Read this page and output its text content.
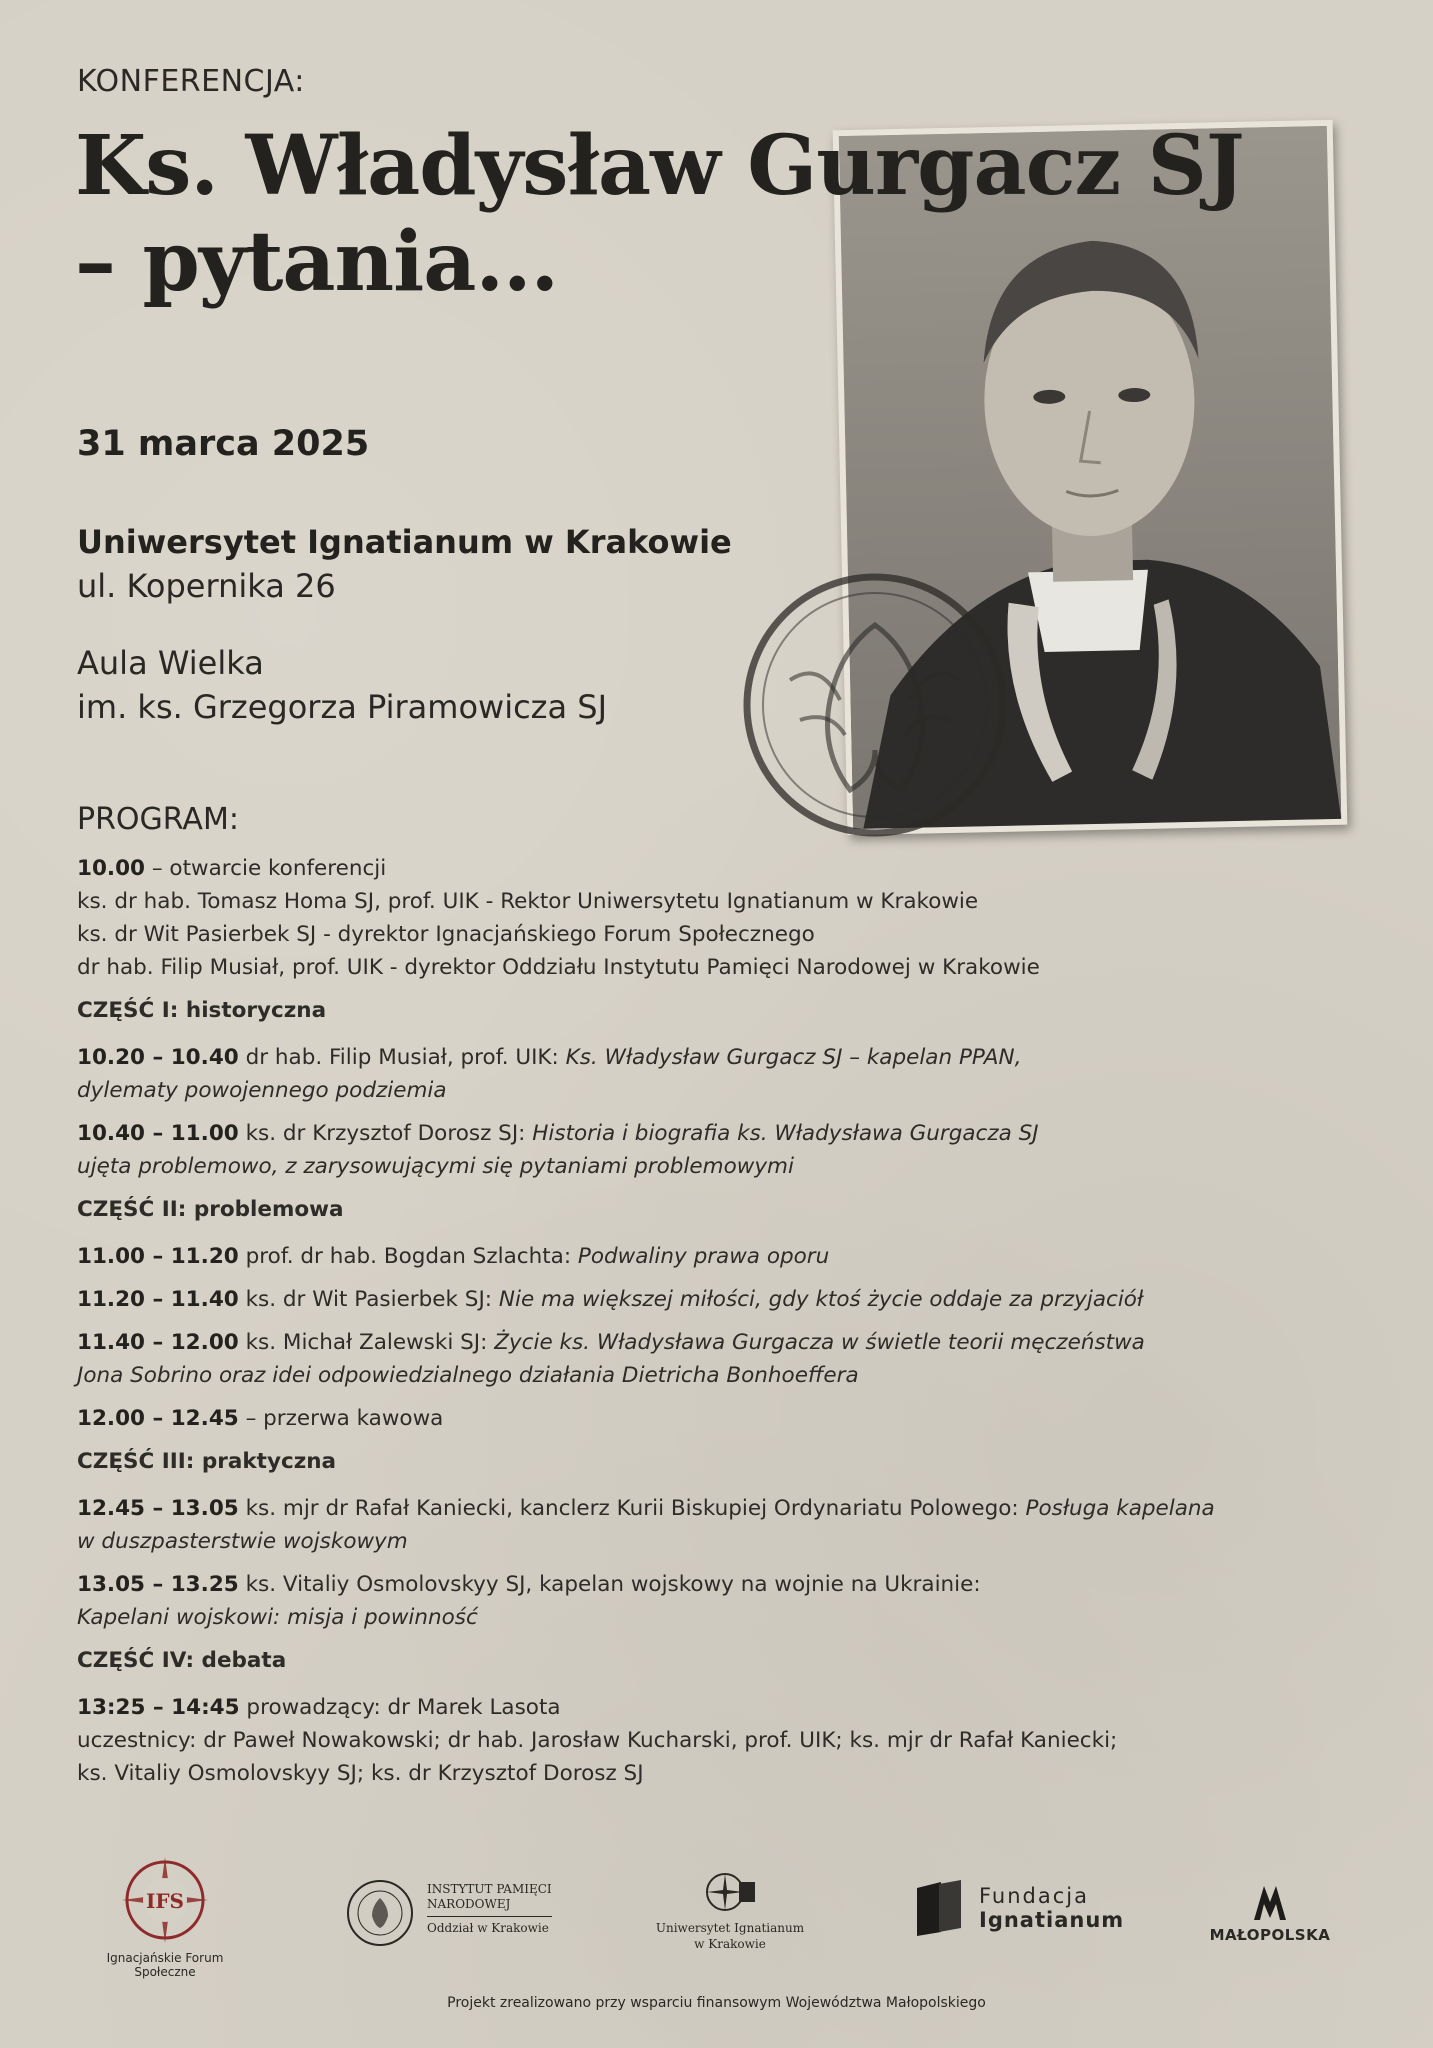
KONFERENCJA:
Ks. Władysław Gurgacz SJ
– pytania...
31 marca 2025
Uniwersytet Ignatianum w Krakowie
ul. Kopernika 26
Aula Wielka
im. ks. Grzegorza Piramowicza SJ
PROGRAM:
10.00 – otwarcie konferencji
ks. dr hab. Tomasz Homa SJ, prof. UIK - Rektor Uniwersytetu Ignatianum w Krakowie
ks. dr Wit Pasierbek SJ - dyrektor Ignacjańskiego Forum Społecznego
dr hab. Filip Musiał, prof. UIK - dyrektor Oddziału Instytutu Pamięci Narodowej w Krakowie
CZĘŚĆ I: historyczna
10.20 – 10.40 dr hab. Filip Musiał, prof. UIK: Ks. Władysław Gurgacz SJ – kapelan PPAN,
dylematy powojennego podziemia
10.40 – 11.00 ks. dr Krzysztof Dorosz SJ: Historia i biografia ks. Władysława Gurgacza SJ
ujęta problemowo, z zarysowującymi się pytaniami problemowymi
CZĘŚĆ II: problemowa
11.00 – 11.20 prof. dr hab. Bogdan Szlachta: Podwaliny prawa oporu
11.20 – 11.40 ks. dr Wit Pasierbek SJ: Nie ma większej miłości, gdy ktoś życie oddaje za przyjaciół
11.40 – 12.00 ks. Michał Zalewski SJ: Życie ks. Władysława Gurgacza w świetle teorii męczeństwa
Jona Sobrino oraz idei odpowiedzialnego działania Dietricha Bonhoeffera
12.00 – 12.45 – przerwa kawowa
CZĘŚĆ III: praktyczna
12.45 – 13.05 ks. mjr dr Rafał Kaniecki, kanclerz Kurii Biskupiej Ordynariatu Polowego: Posługa kapelana
w duszpasterstwie wojskowym
13.05 – 13.25 ks. Vitaliy Osmolovskyy SJ, kapelan wojskowy na wojnie na Ukrainie:
Kapelani wojskowi: misja i powinność
CZĘŚĆ IV: debata
13:25 – 14:45 prowadzący: dr Marek Lasota
uczestnicy: dr Paweł Nowakowski; dr hab. Jarosław Kucharski, prof. UIK; ks. mjr dr Rafał Kaniecki;
ks. Vitaliy Osmolovskyy SJ; ks. dr Krzysztof Dorosz SJ
IFS
Ignacjańskie Forum Społeczne
INSTYTUT PAMIĘCI
NARODOWEJ
Oddział w Krakowie	Uniwersytet Ignatianum
w Krakowie
Fundacja
Ignatianum
MAŁOPOLSKA
Projekt zrealizowano przy wsparciu finansowym Województwa Małopolskiego
